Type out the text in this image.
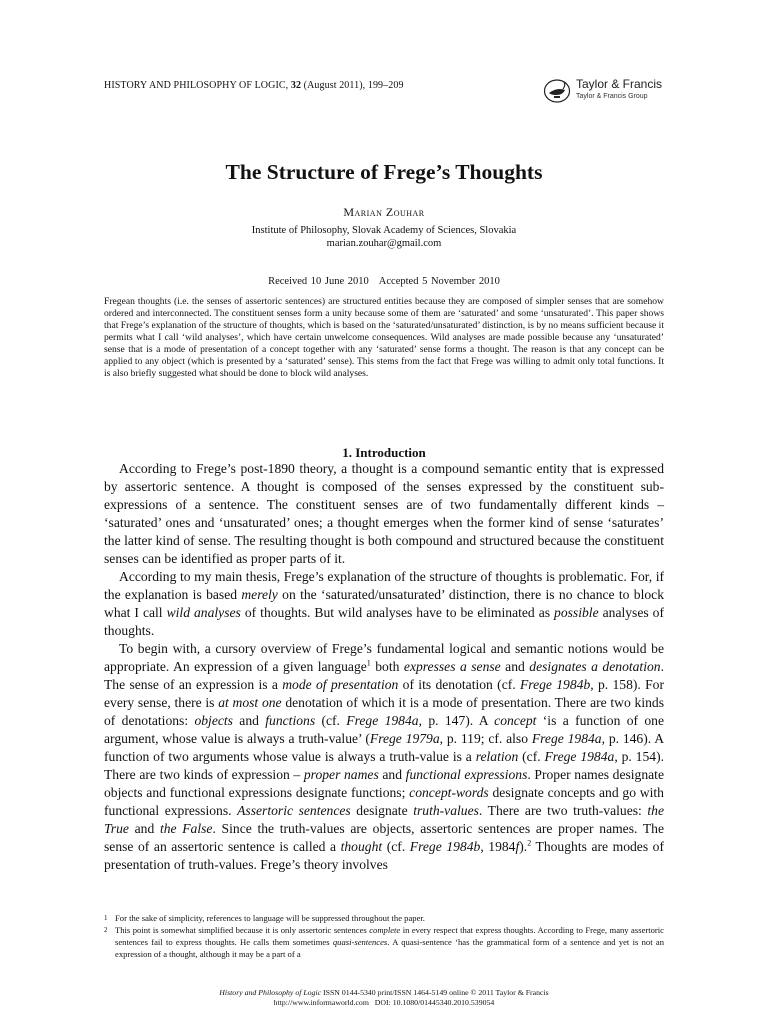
HISTORY AND PHILOSOPHY OF LOGIC, 32 (August 2011), 199–209	Taylor & Francis
Taylor & Francis Group
The Structure of Frege’s Thoughts
Marian Zouhar
Institute of Philosophy, Slovak Academy of Sciences, Slovakia
marian.zouhar@gmail.com
Received 10 June 2010 Accepted 5 November 2010
Fregean thoughts (i.e. the senses of assertoric sentences) are structured entities because they are composed of simpler senses that are somehow ordered and interconnected. The constituent senses form a unity because some of them are ‘saturated’ and some ‘unsaturated’. This paper shows that Frege’s explanation of the structure of thoughts, which is based on the ‘saturated/unsaturated’ distinction, is by no means sufficient because it permits what I call ‘wild analyses’, which have certain unwelcome consequences. Wild analyses are made possible because any ‘unsaturated’ sense that is a mode of presentation of a concept together with any ‘saturated’ sense forms a thought. The reason is that any concept can be applied to any object (which is presented by a ‘saturated’ sense). This stems from the fact that Frege was willing to admit only total functions. It is also briefly suggested what should be done to block wild analyses.
1. Introduction

According to Frege’s post-1890 theory, a thought is a compound semantic entity that is expressed by assertoric sentence. A thought is composed of the senses expressed by the constituent sub-expressions of a sentence. The constituent senses are of two fundamentally different kinds – ‘saturated’ ones and ‘unsaturated’ ones; a thought emerges when the former kind of sense ‘saturates’ the latter kind of sense. The resulting thought is both compound and structured because the constituent senses can be identified as proper parts of it.

According to my main thesis, Frege’s explanation of the structure of thoughts is problematic. For, if the explanation is based merely on the ‘saturated/unsaturated’ distinction, there is no chance to block what I call wild analyses of thoughts. But wild analyses have to be eliminated as possible analyses of thoughts.

To begin with, a cursory overview of Frege’s fundamental logical and semantic notions would be appropriate. An expression of a given language$^1$ both expresses a sense and designates a denotation. The sense of an expression is a mode of presentation of its denotation (cf. Frege 1984b, p. 158). For every sense, there is at most one denotation of which it is a mode of presentation. There are two kinds of denotations: objects and functions (cf. Frege 1984a, p. 147). A concept ‘is a function of one argument, whose value is always a truth-value’ (Frege 1979a, p. 119; cf. also Frege 1984a, p. 146). A function of two arguments whose value is always a truth-value is a relation (cf. Frege 1984a, p. 154). There are two kinds of expression – proper names and functional expressions. Proper names designate objects and functional expressions designate functions; concept-words designate concepts and go with functional expressions. Assertoric sentences designate truth-values. There are two truth-values: the True and the False. Since the truth-values are objects, assertoric sentences are proper names. The sense of an assertoric sentence is called a thought (cf. Frege 1984b, 1984f).$^2$ Thoughts are modes of presentation of truth-values. Frege’s theory involves

1 For the sake of simplicity, references to language will be suppressed throughout the paper.
2 This point is somewhat simplified because it is only assertoric sentences complete in every respect that express thoughts. According to Frege, many assertoric sentences fail to express thoughts. He calls them sometimes quasi-sentences. A quasi-sentence ‘has the grammatical form of a sentence and yet is not an expression of a thought, although it may be a part of a
History and Philosophy of Logic ISSN 0144-5340 print/ISSN 1464-5149 online © 2011 Taylor & Francis
http://www.informaworld.com DOI: 10.1080/01445340.2010.539054
